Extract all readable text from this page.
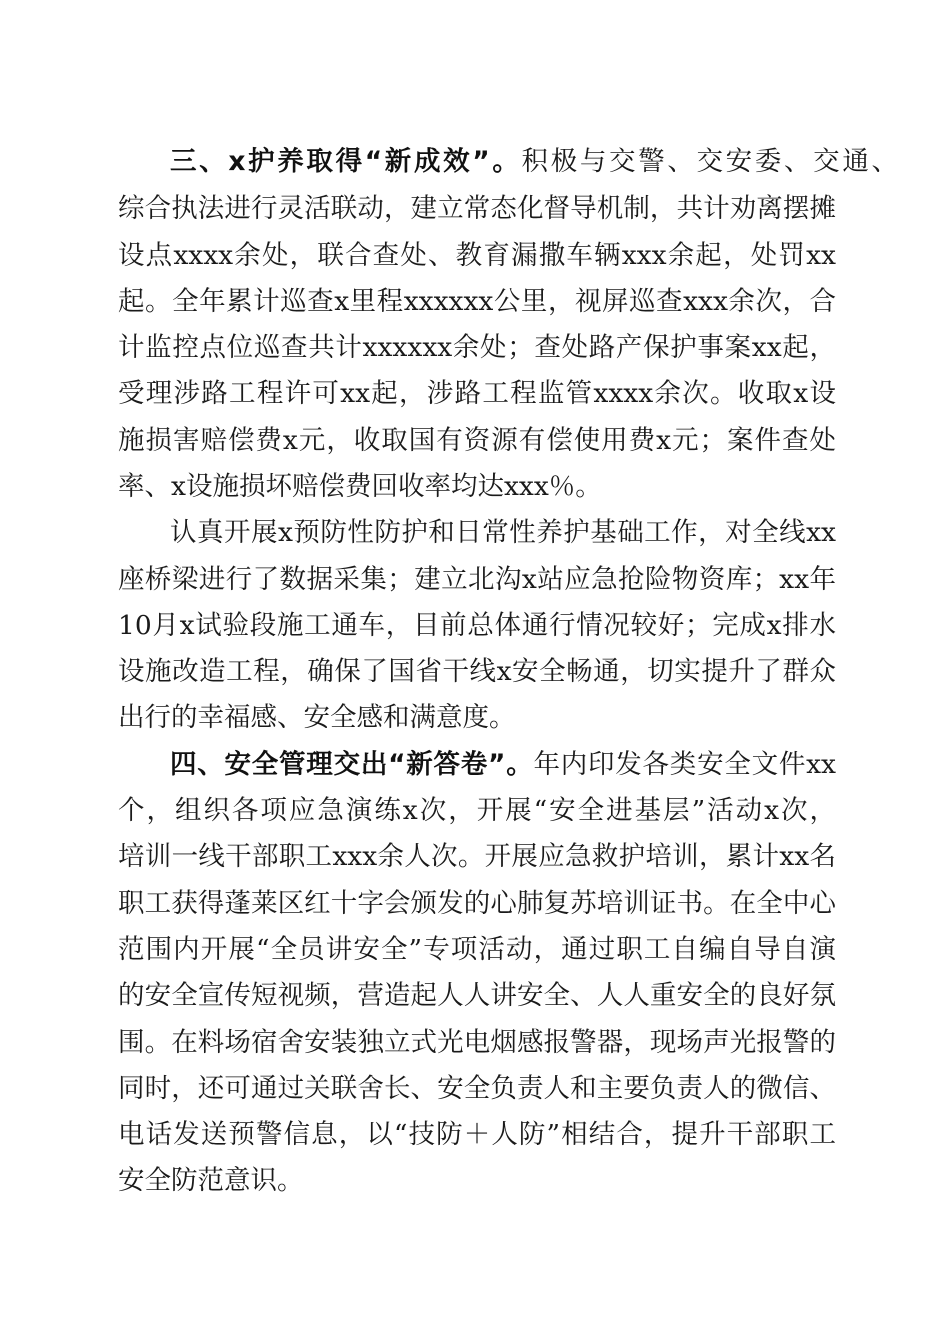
三、x护养取得“新成效”。积极与交警、交安委、交通、
综合执法进行灵活联动，建立常态化督导机制，共计劝离摆摊
设点xxxx余处，联合查处、教育漏撒车辆xxx余起，处罚xx
起。全年累计巡查x里程xxxxxx公里，视屏巡查xxx余次，合
计监控点位巡查共计xxxxxx余处；查处路产保护事案xx起，
受理涉路工程许可xx起，涉路工程监管xxxx余次。收取x设
施损害赔偿费x元，收取国有资源有偿使用费x元；案件查处
率、x设施损坏赔偿费回收率均达xxx％。
认真开展x预防性防护和日常性养护基础工作，对全线xx
座桥梁进行了数据采集；建立北沟x站应急抢险物资库；xx年
10月x试验段施工通车，目前总体通行情况较好；完成x排水
设施改造工程，确保了国省干线x安全畅通，切实提升了群众
出行的幸福感、安全感和满意度。
四、安全管理交出“新答卷”。年内印发各类安全文件xx
个，组织各项应急演练x次，开展“安全进基层”活动x次，
培训一线干部职工xxx余人次。开展应急救护培训，累计xx名
职工获得蓬莱区红十字会颁发的心肺复苏培训证书。在全中心
范围内开展“全员讲安全”专项活动，通过职工自编自导自演
的安全宣传短视频，营造起人人讲安全、人人重安全的良好氛
围。在料场宿舍安装独立式光电烟感报警器，现场声光报警的
同时，还可通过关联舍长、安全负责人和主要负责人的微信、
电话发送预警信息，以“技防＋人防”相结合，提升干部职工
安全防范意识。
